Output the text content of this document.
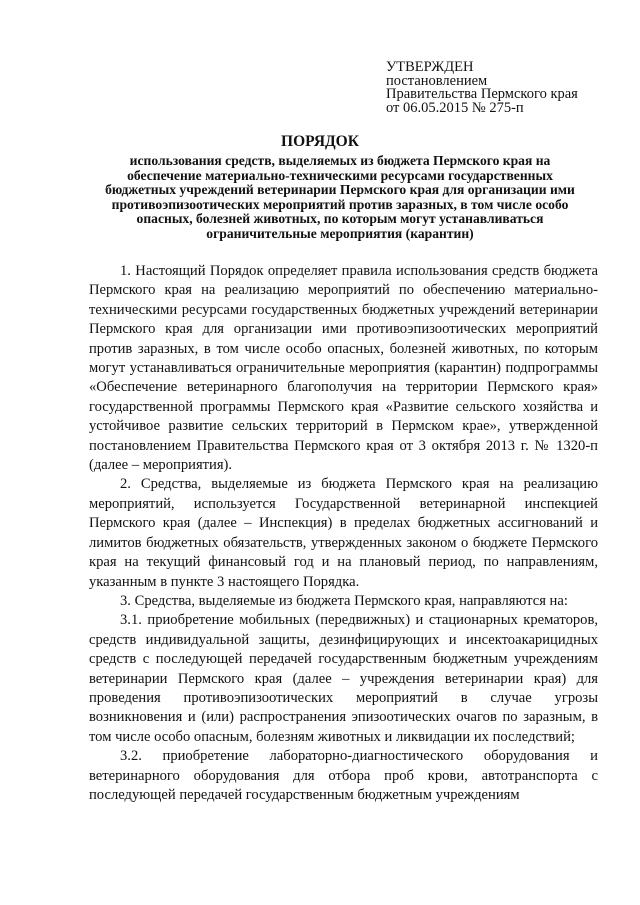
УТВЕРЖДЕН
постановлением
Правительства Пермского края
от 06.05.2015 № 275-п
ПОРЯДОК
использования средств, выделяемых из бюджета Пермского края на обеспечение материально-техническими ресурсами государственных бюджетных учреждений ветеринарии Пермского края для организации ими противоэпизоотических мероприятий против заразных, в том числе особо опасных, болезней животных, по которым могут устанавливаться ограничительные мероприятия (карантин)

1. Настоящий Порядок определяет правила использования средств бюджета Пермского края на реализацию мероприятий по обеспечению материально-техническими ресурсами государственных бюджетных учреждений ветеринарии Пермского края для организации ими противоэпизоотических мероприятий против заразных, в том числе особо опасных, болезней животных, по которым могут устанавливаться ограничительные мероприятия (карантин) подпрограммы «Обеспечение ветеринарного благополучия на территории Пермского края» государственной программы Пермского края «Развитие сельского хозяйства и устойчивое развитие сельских территорий в Пермском крае», утвержденной постановлением Правительства Пермского края от 3 октября 2013 г. № 1320-п (далее – мероприятия).

2. Средства, выделяемые из бюджета Пермского края на реализацию мероприятий, используется Государственной ветеринарной инспекцией Пермского края (далее – Инспекция) в пределах бюджетных ассигнований и лимитов бюджетных обязательств, утвержденных законом о бюджете Пермского края на текущий финансовый год и на плановый период, по направлениям, указанным в пункте 3 настоящего Порядка.

3. Средства, выделяемые из бюджета Пермского края, направляются на:

3.1. приобретение мобильных (передвижных) и стационарных крематоров, средств индивидуальной защиты, дезинфицирующих и инсектоакарицидных средств с последующей передачей государственным бюджетным учреждениям ветеринарии Пермского края (далее – учреждения ветеринарии края) для проведения противоэпизоотических мероприятий в случае угрозы возникновения и (или) распространения эпизоотических очагов по заразным, в том числе особо опасным, болезням животных и ликвидации их последствий;

3.2. приобретение лабораторно-диагностического оборудования и ветеринарного оборудования для отбора проб крови, автотранспорта с последующей передачей государственным бюджетным учреждениям
